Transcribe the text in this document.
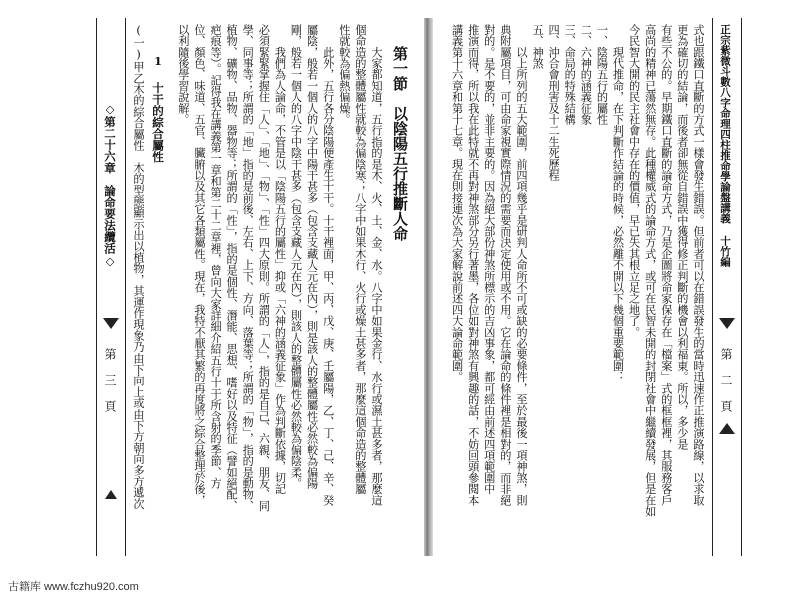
正宗紫微斗數八字命理四柱推命學論盤講義 十竹編
第 二 頁
式也跟鐵口直斷的方式一樣會發生錯誤。但前者可以在錯誤發生的當時迅速作正推演路線，以求取
更為確切的結論，而後者卻無從自錯誤中獲得修正判斷的機會以利福東。所以，多少是
有些不公的。早期鐵口直斷的論命方式，乃是企圖將命家保存在「檔案」式的框框裡，其服務客戶
高尚的精神已蕩然無存。此種權威式的論命方式，或可在民智未開的封閉社會中繼續發展，但是在如
今民智大開的民主社會中存在的價值，早已失其根立足之地了。
　　現代推命，在下判斷作結論的時候，必然離不開以下幾個重要範圍：
一、陰陽五行的屬性
二、六神的涵義征象
三、命局的特殊結構
四、沖合會刑害及十二生死歷程
五、神煞
　　以上所列的五大範圍，前四項幾乎是研判人命所不可或缺的必要條件，至於最後一項神煞，則
典附屬項目，可由命家視實際情況的需要而決定使用或不用。它在論命的條件裡是相對的，而非絕
對的。是不要的，並非主要的。因為絕大部份神煞所標示的吉凶事象，都可經由前述四項範圍中
推演而得，所以我在此特就不再對神煞部分另行著墨，各位如對神煞有興趣的話，不妨回頭參閱本
講義第十六章和第十七章。現在則接連次為大家解說前述四大論命範圍。
◇第二十六章　論命要法纜活◇
第 三 頁
第一節　以陰陽五行推斷人命
　　大家都知道，五行指的是木、火、土、金、水。八字中如果金行、水行或濕土甚多者，那麼這
個命造的整體屬性就較為偏陰寒；八字中如果木行、火行或燥土甚多者，那麼這個命造的整體屬
性就較為偏熱偏燥。
　　此外，五行各分陰陽便產生十干。十干裡面，甲、丙、戊、庚、壬屬陽，乙、丁、己、辛、癸
屬陰，般若一個人的八字中陽干甚多（包含支藏人元在內），則是該人的整體屬性必然較為偏陽
剛，般若一個人的八字中陰干甚多（包含支藏人元在內），則該人的整體屬性必然較為偏陰柔。
　　我們為人論命，不管是以「陰陽五行的屬性」抑或「六神的涵義征象」作為判斷依據，切記
必須緊緊掌握住「人」、「地」、「物」、「性」四大原則。所謂的「人」，指的是自己、六親、朋友、同
學、同事等；所謂的「地」指的是前後、左右、上下、方向、落葉等；所謂的「物」，指的是動物、
植物、礦物、品物、器物等；所謂的「性」，指的是個性、潛能、思想、嗜好以及特征（譬如絕配、
疤痕等）。記得我在講義第一章和第二十二章裡，曾向大家詳細介紹五行十干所含射的季節、方
位、顏色、味道、五官、臟腑以及其它各類屬性。現在，我特不厭其繁的再度將之綜合整理於後，
以利隨後學習說解。
1 十干的綜合屬性
(一)甲乙木的綜合屬性　木的型態顯示出以植物，其運作現象乃由下向上或由下方朝向多方遞次
古籍库 www.fczhu920.com
